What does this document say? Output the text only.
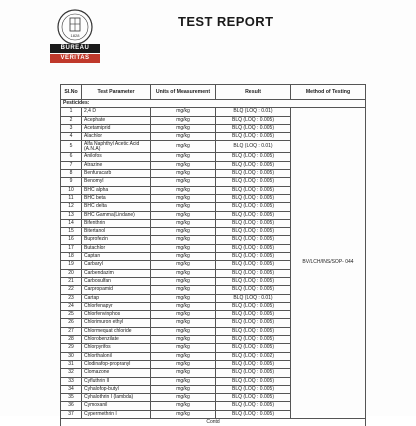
1828
BUREAU
VERITAS
TEST REPORT
Sl.No	Test Parameter	Units of Measurement	Result	Method of Testing
Pesticides:				
1	2,4 D	mg/kg	BLQ (LOQ : 0.01)	BV/LCH/INS/SOP- 044
2	Acephate	mg/kg	BLQ (LOQ : 0.005)	
3	Acetamiprid	mg/kg	BLQ (LOQ : 0.005)	
4	Alachlor	mg/kg	BLQ (LOQ : 0.005)	
5	Alfa Naphthyl Acetic Acid (A.N.A)	mg/kg	BLQ (LOQ : 0.01)	
6	Anilofos	mg/kg	BLQ (LOQ : 0.005)	
7	Atrazine	mg/kg	BLQ (LOQ : 0.005)	
8	Benfuracarb	mg/kg	BLQ (LOQ : 0.005)	
9	Benomyl	mg/kg	BLQ (LOQ : 0.005)	
10	BHC alpha	mg/kg	BLQ (LOQ : 0.005)	
11	BHC beta	mg/kg	BLQ (LOQ : 0.005)	
12	BHC delta	mg/kg	BLQ (LOQ : 0.005)	
13	BHC Gamma(Lindane)	mg/kg	BLQ (LOQ : 0.005)	
14	Bifenthrin	mg/kg	BLQ (LOQ : 0.005)	
15	Bitertanol	mg/kg	BLQ (LOQ : 0.005)	
16	Buprofezin	mg/kg	BLQ (LOQ : 0.005)	
17	Butachlor	mg/kg	BLQ (LOQ : 0.005)	
18	Captan	mg/kg	BLQ (LOQ : 0.005)	
19	Carbaryl	mg/kg	BLQ (LOQ : 0.005)	
20	Carbendazim	mg/kg	BLQ (LOQ : 0.005)	
21	Carbosulfan	mg/kg	BLQ (LOQ : 0.005)	
22	Carpropamid	mg/kg	BLQ (LOQ : 0.005)	
23	Cartap	mg/kg	BLQ (LOQ : 0.01)	
24	Chlorfenapyr	mg/kg	BLQ (LOQ : 0.005)	
25	Chlorfenvinphos	mg/kg	BLQ (LOQ : 0.005)	
26	Chlorimuron ethyl	mg/kg	BLQ (LOQ : 0.005)	
27	Chlormequat chloride	mg/kg	BLQ (LOQ : 0.005)	
28	Chlorobenzilate	mg/kg	BLQ (LOQ : 0.005)	
29	Chlorpyrifos	mg/kg	BLQ (LOQ : 0.005)	
30	Chlorthalonil	mg/kg	BLQ (LOQ : 0.002)	
31	Clodinafop-propranyl	mg/kg	BLQ (LOQ : 0.005)	
32	Clomazone	mg/kg	BLQ (LOQ : 0.005)	
33	Cyfluthrin II	mg/kg	BLQ (LOQ : 0.005)	
34	Cyhalofop-butyl	mg/kg	BLQ (LOQ : 0.005)	
35	Cyhalothrin I (lambda)	mg/kg	BLQ (LOQ : 0.005)	
36	Cymoxanil	mg/kg	BLQ (LOQ : 0.005)	
37	Cypermethrin I	mg/kg	BLQ (LOQ : 0.005)	
Contd				
